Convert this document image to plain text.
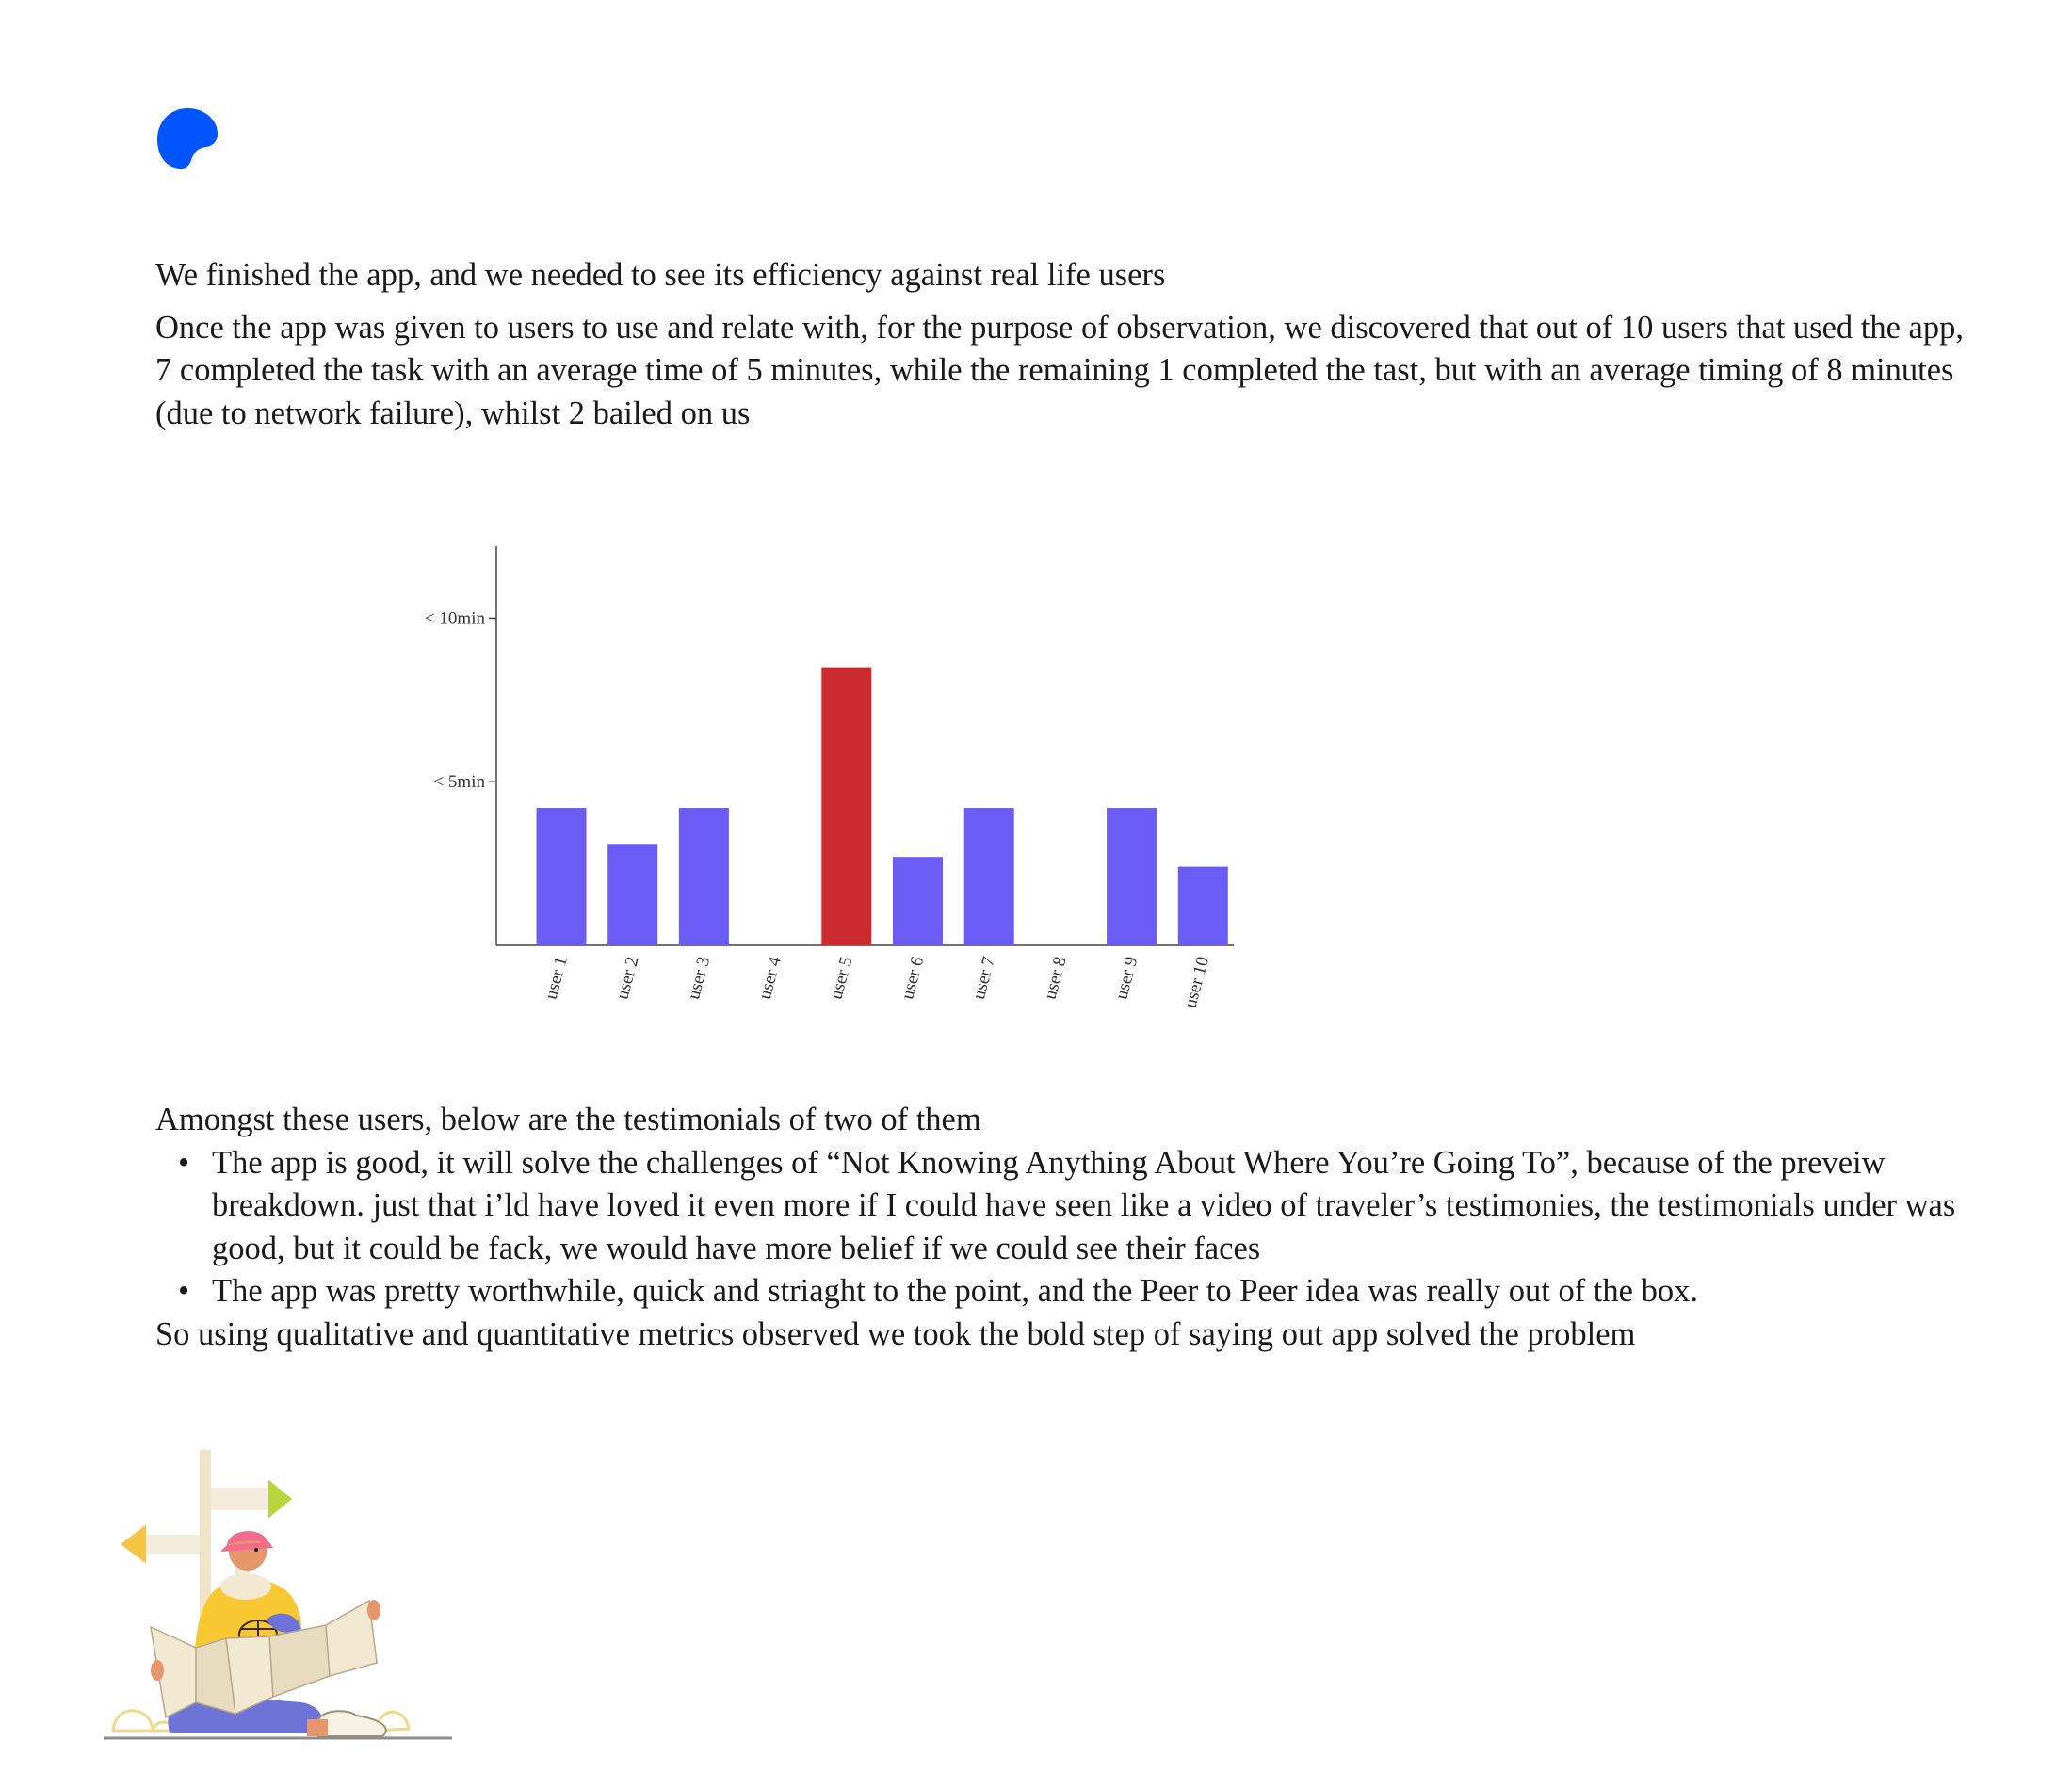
We finished the app, and we needed to see its efficiency against real life users

Once the app was given to users to use and relate with, for the purpose of observation, we discovered that out of 10 users that used the app, 7 completed the task with an average time of 5 minutes, while the remaining 1 completed the tast, but with an average timing of 8 minutes (due to network failure), whilst 2 bailed on us

< 5min
< 10min
user 1 user 2 user 3 user 4 user 5 user 6 user 7 user 8 user 9 user 10

Amongst these users, below are the testimonials of two of them

• The app is good, it will solve the challenges of “Not Knowing Anything About Where You’re Going To”, because of the preveiw breakdown. just that i’ld have loved it even more if I could have seen like a video of traveler’s testimonies, the testimonials under was good, but it could be fack, we would have more belief if we could see their faces
• The app was pretty worthwhile, quick and striaght to the point, and the Peer to Peer idea was really out of the box.

So using qualitative and quantitative metrics observed we took the bold step of saying out app solved the problem
